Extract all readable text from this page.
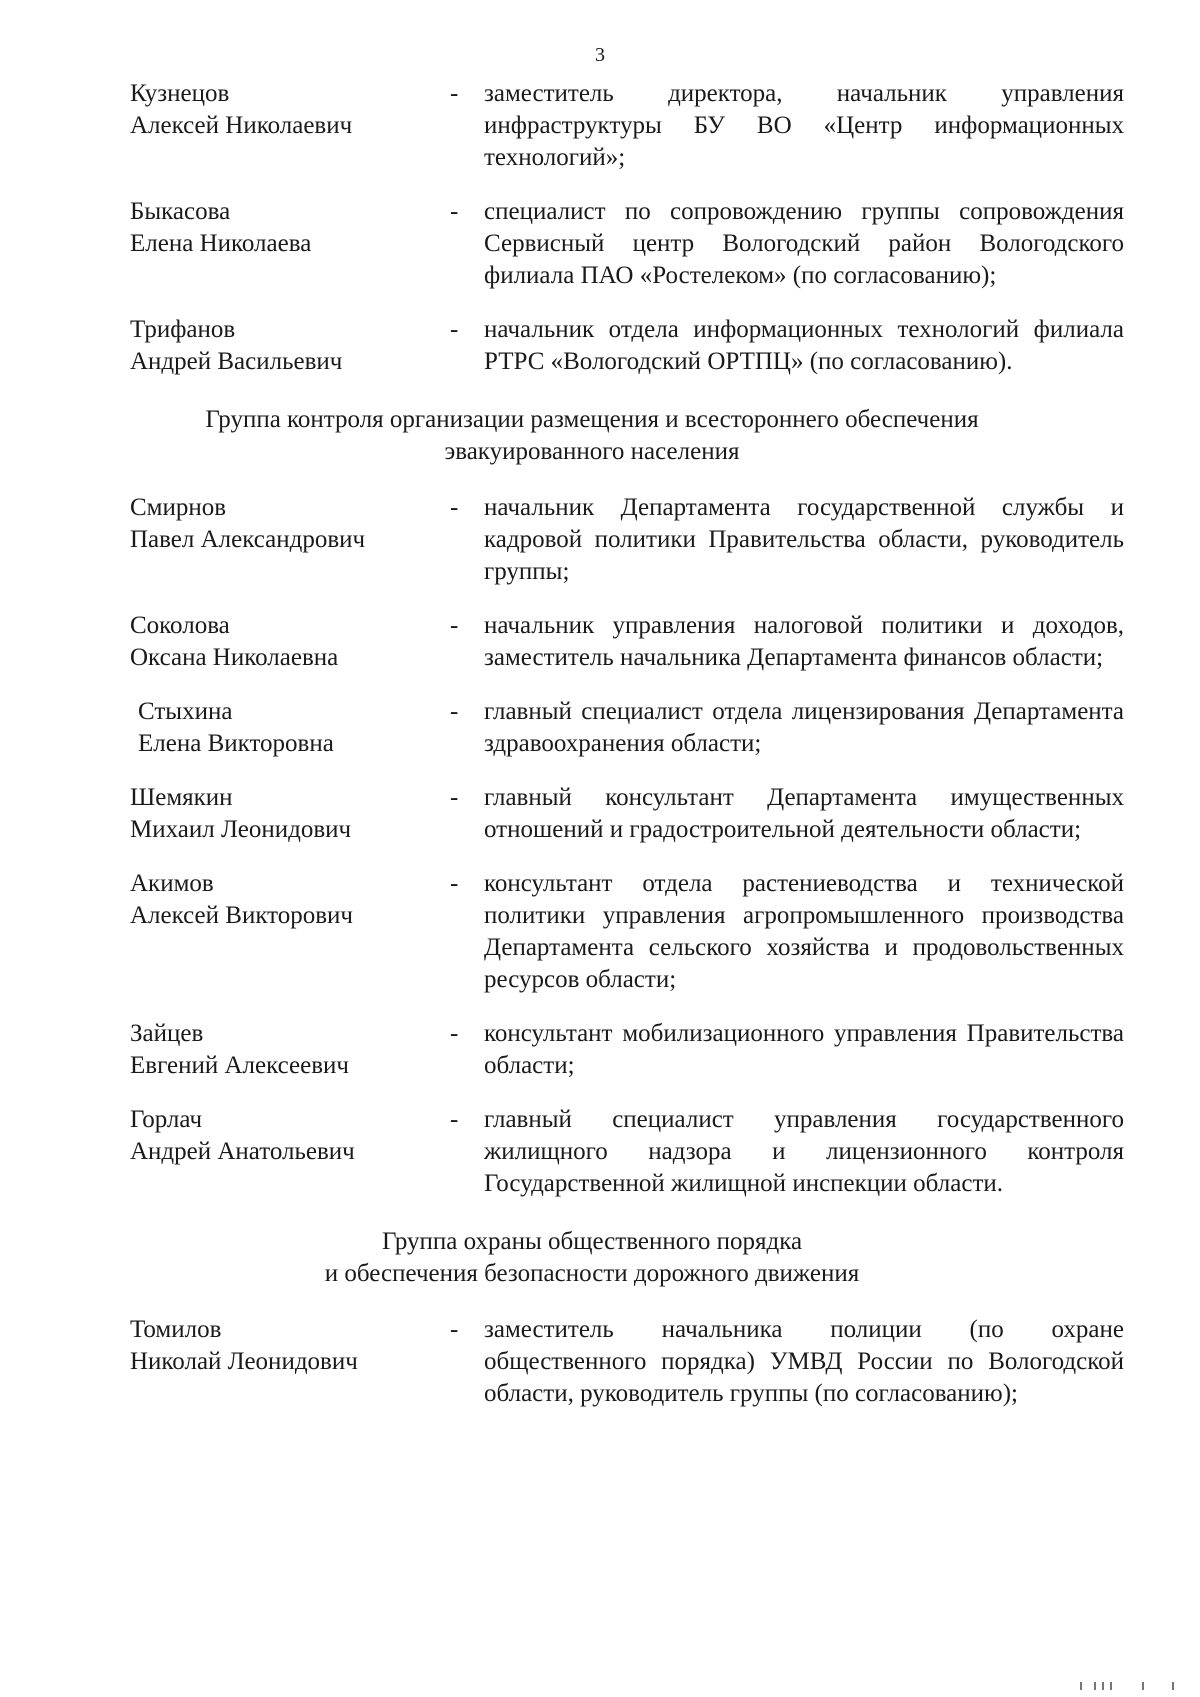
3
Кузнецов
Алексей Николаевич
-	заместитель директора, начальник управления инфраструктуры БУ ВО «Центр информационных технологий»;
Быкасова
Елена Николаева
-	специалист по сопровождению группы сопровождения Сервисный центр Вологодский район Вологодского филиала ПАО «Ростелеком» (по согласованию);
Трифанов
Андрей Васильевич
-	начальник отдела информационных технологий филиала РТРС «Вологодский ОРТПЦ» (по согласованию).
Группа контроля организации размещения и всестороннего обеспечения
эвакуированного населения
Смирнов
Павел Александрович
-	начальник Департамента государственной службы и кадровой политики Правительства области, руководитель группы;
Соколова
Оксана Николаевна
-	начальник управления налоговой политики и доходов, заместитель начальника Департамента финансов области;
Стыхина
Елена Викторовна
-	главный специалист отдела лицензирования Департамента здравоохранения области;
Шемякин
Михаил Леонидович
-	главный консультант Департамента имущественных отношений и градостроительной деятельности области;
Акимов
Алексей Викторович
-	консультант отдела растениеводства и технической политики управления агропромышленного производства Департамента сельского хозяйства и продовольственных ресурсов области;
Зайцев
Евгений Алексеевич
-	консультант мобилизационного управления Правительства области;
Горлач
Андрей Анатольевич
-	главный специалист управления государственного жилищного надзора и лицензионного контроля Государственной жилищной инспекции области.
Группа охраны общественного порядка
и обеспечения безопасности дорожного движения
Томилов
Николай Леонидович
-	заместитель начальника полиции (по охране общественного порядка) УМВД России по Вологодской области, руководитель группы (по согласованию);
